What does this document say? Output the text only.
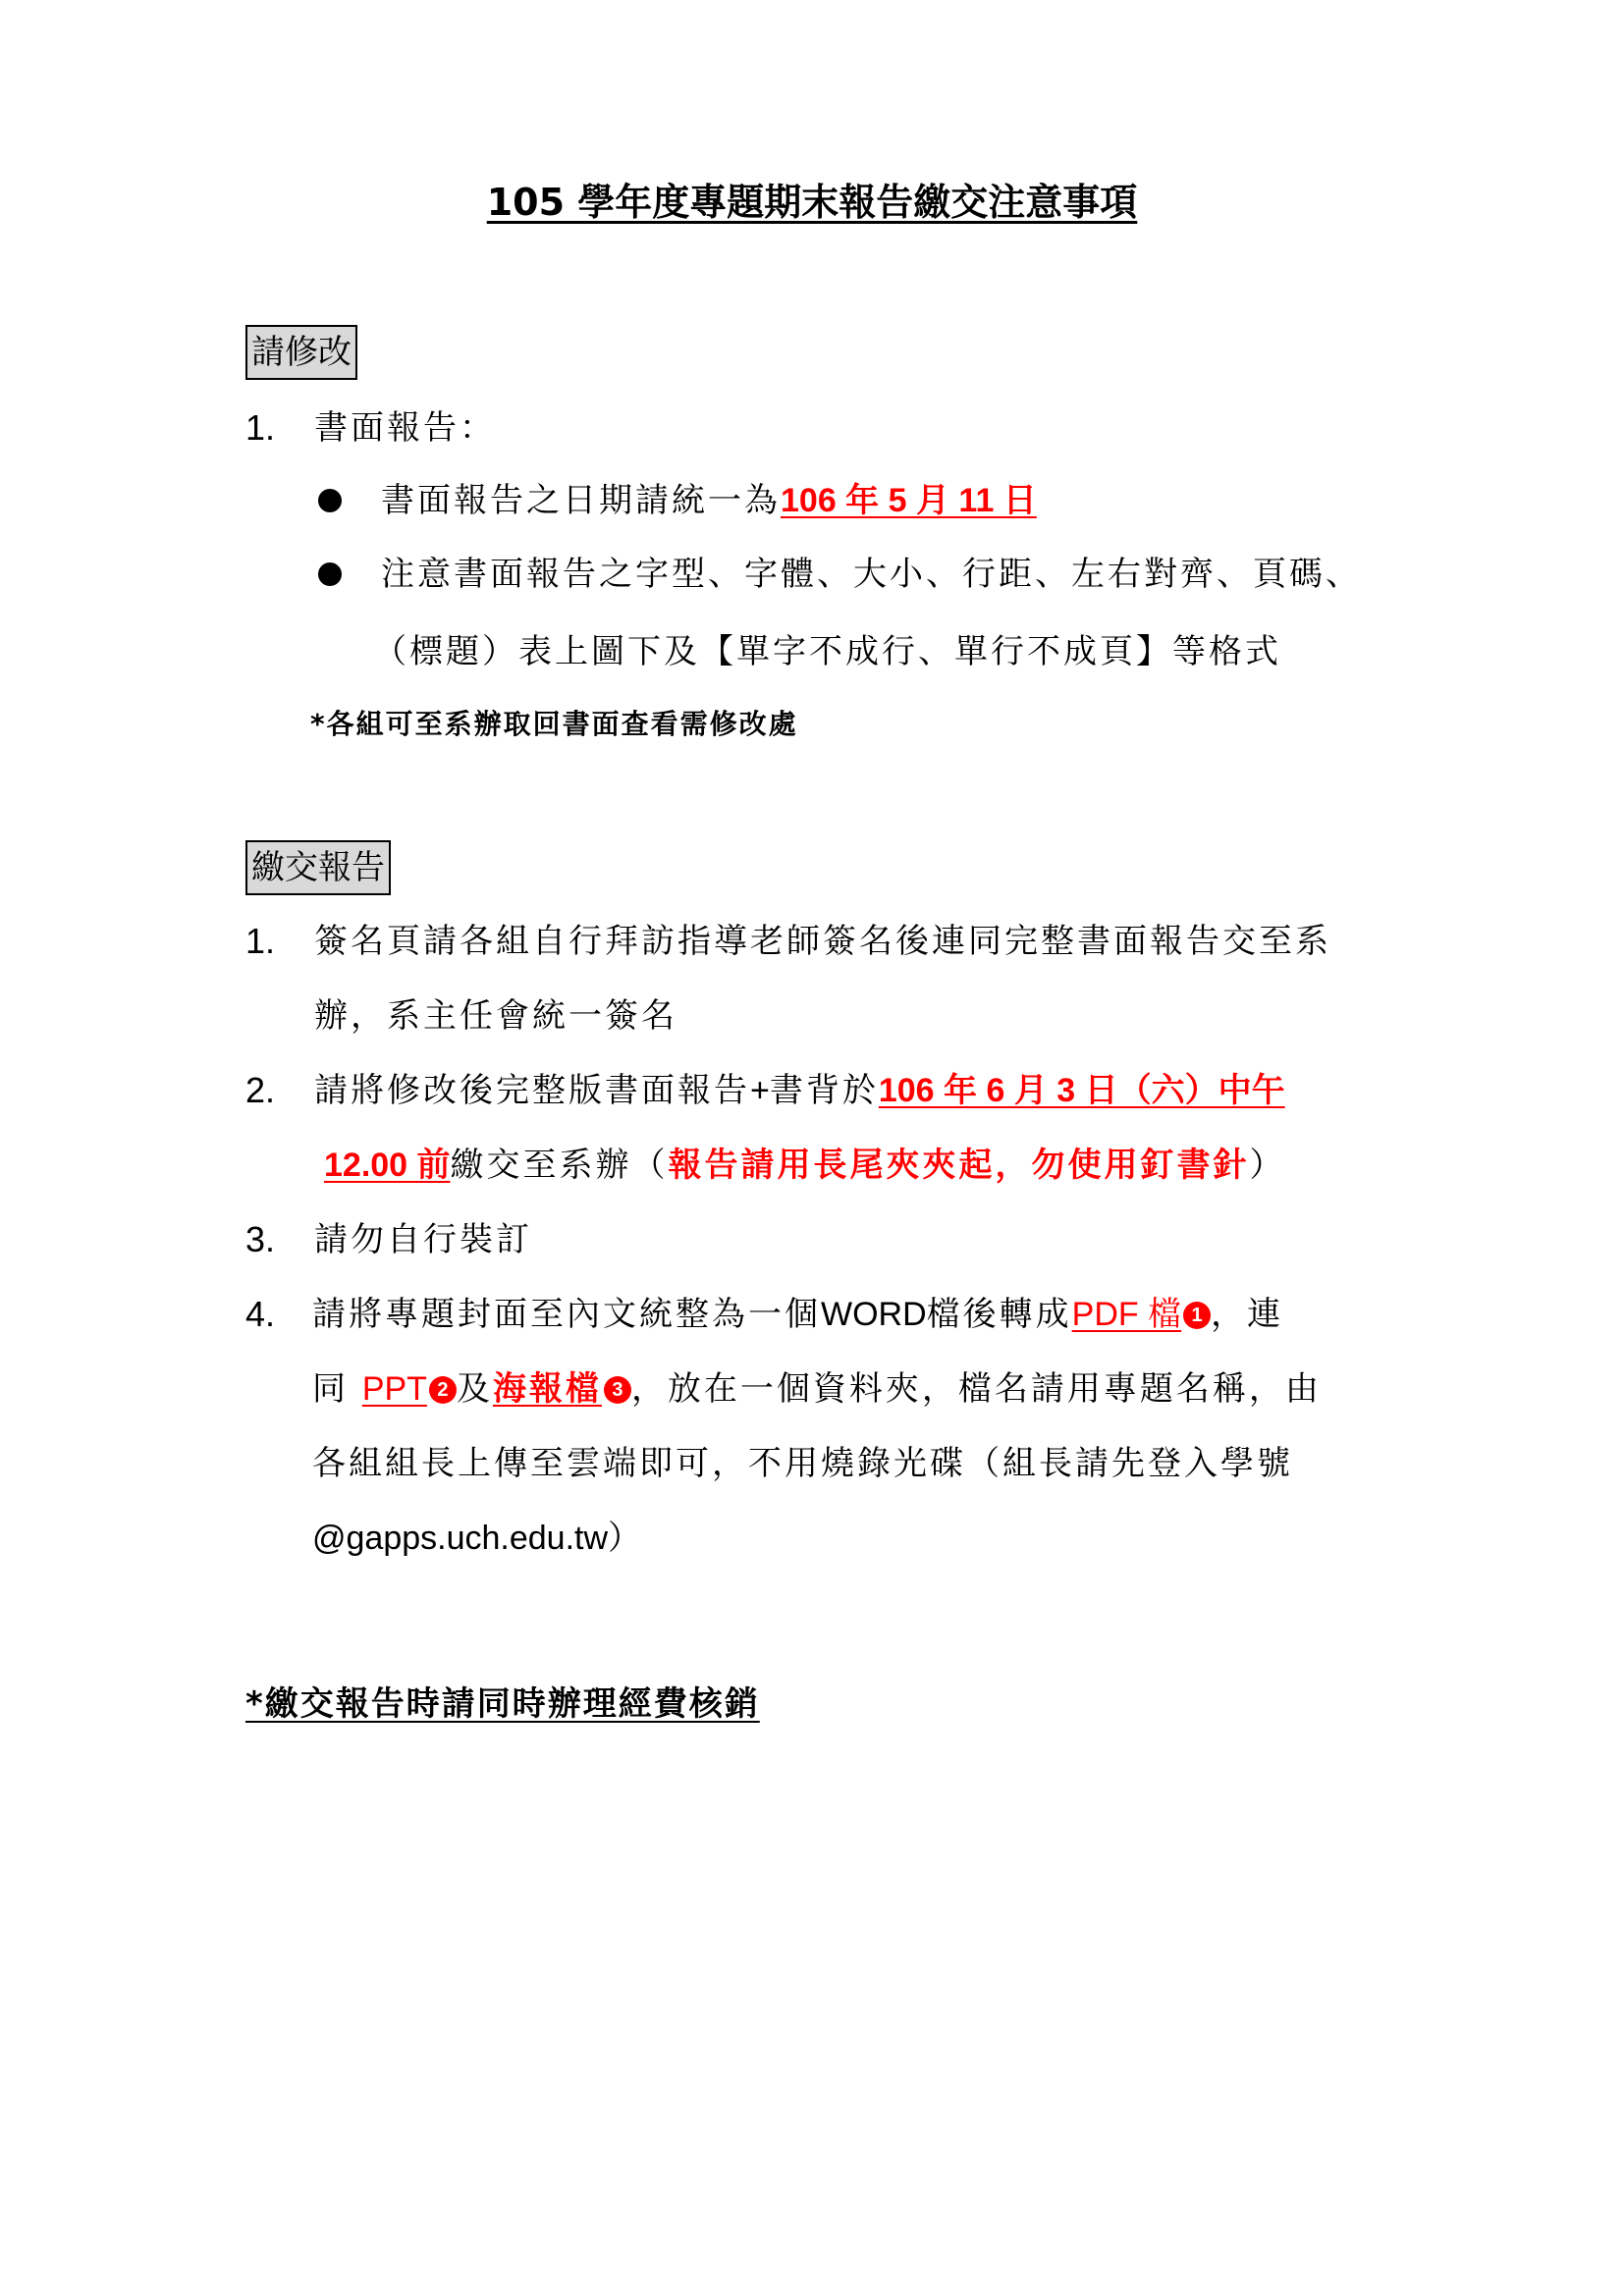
105 學年度專題期末報告繳交注意事項
請修改
1. 書面報告：
書面報告之日期請統一為106 年 5 月 11 日
注意書面報告之字型、字體、大小、行距、左右對齊、頁碼、
（標題）表上圖下及【單字不成行、單行不成頁】等格式
*各組可至系辦取回書面查看需修改處
繳交報告
1. 簽名頁請各組自行拜訪指導老師簽名後連同完整書面報告交至系
辦，系主任會統一簽名
2. 請將修改後完整版書面報告+書背於106 年 6 月 3 日（六）中午
12.00 前繳交至系辦（報告請用長尾夾夾起，勿使用釘書針）
3. 請勿自行裝訂
4. 請將專題封面至內文統整為一個WORD檔後轉成PDF 檔 1 ，連
同 PPT 2 及海報檔 3 ，放在一個資料夾，檔名請用專題名稱，由
各組組長上傳至雲端即可，不用燒錄光碟（組長請先登入學號
@gapps.uch.edu.tw）
*繳交報告時請同時辦理經費核銷
